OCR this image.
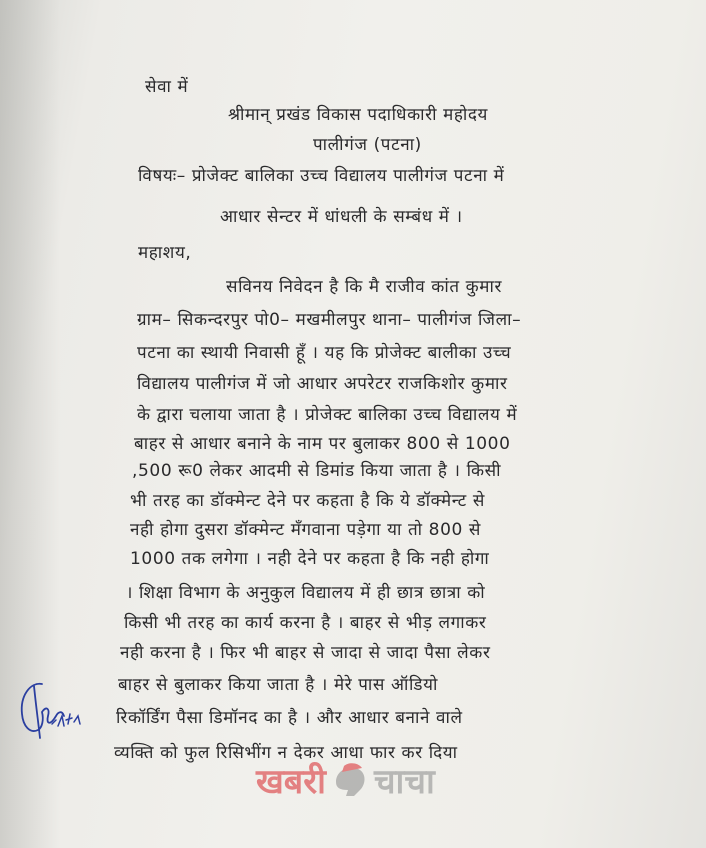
सेवा में
श्रीमान् प्रखंड विकास पदाधिकारी महोदय
पालीगंज (पटना)
विषयः– प्रोजेक्ट बालिका उच्च विद्यालय पालीगंज पटना में
आधार सेन्टर में धांधली के सम्बंध में ।
महाशय,
सविनय निवेदन है कि मै राजीव कांत कुमार
ग्राम– सिकन्दरपुर पो0– मखमीलपुर थाना– पालीगंज जिला–
पटना का स्थायी निवासी हूँ । यह कि प्रोजेक्ट बालीका उच्च
विद्यालय पालीगंज में जो आधार अपरेटर राजकिशोर कुमार
के द्वारा चलाया जाता है । प्रोजेक्ट बालिका उच्च विद्यालय में
बाहर से आधार बनाने के नाम पर बुलाकर 800 से 1000
,500 रू0 लेकर आदमी से डिमांड किया जाता है । किसी
भी तरह का डॉक्मेन्ट देने पर कहता है कि ये डॉक्मेन्ट से
नही होगा दुसरा डॉक्मेन्ट मँगवाना पड़ेगा या तो 800 से
1000 तक लगेगा । नही देने पर कहता है कि नही होगा
। शिक्षा विभाग के अनुकुल विद्यालय में ही छात्र छात्रा को
किसी भी तरह का कार्य करना है । बाहर से भीड़ लगाकर
नही करना है । फिर भी बाहर से जादा से जादा पैसा लेकर
बाहर से बुलाकर किया जाता है । मेरे पास ऑडियो
रिकॉर्डिंग पैसा डिमॉनद का है । और आधार बनाने वाले
व्यक्ति को फुल रिसिभींग न देकर आधा फार कर दिया
खबरी चाचा
